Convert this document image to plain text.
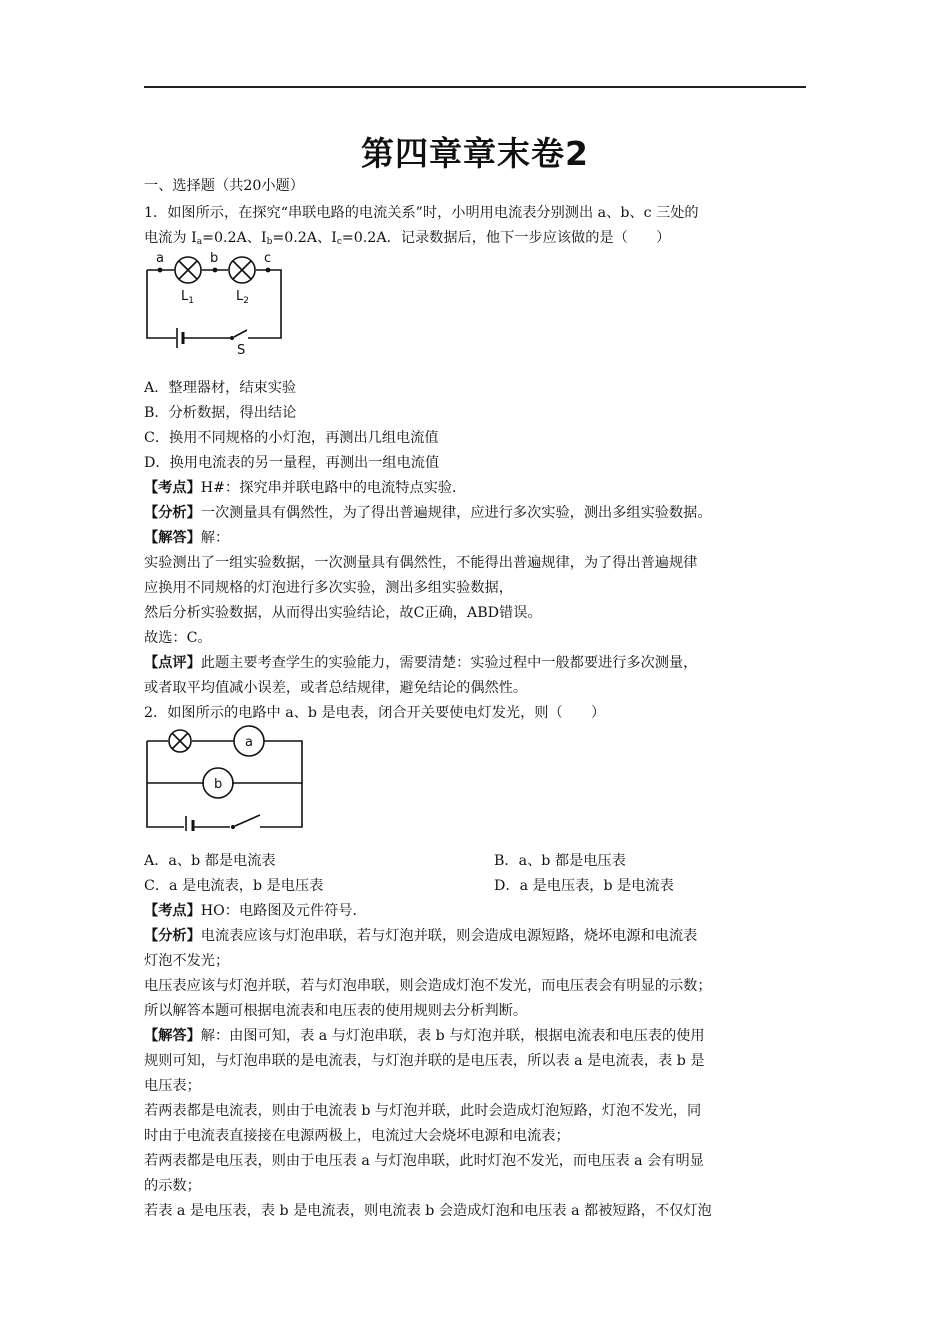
第四章章末卷2
一、选择题（共20小题）
1．如图所示，在探究“串联电路的电流关系”时，小明用电流表分别测出 a、b、c 三处的
电流为 $I_a=0.2A$、$I_b=0.2A$、$I_c=0.2A$．记录数据后，他下一步应该做的是（　　）
a	b	c
$L_1$	$L_2$
S
A．整理器材，结束实验
B．分析数据，得出结论
C．换用不同规格的小灯泡，再测出几组电流值
D．换用电流表的另一量程，再测出一组电流值
【考点】H#：探究串并联电路中的电流特点实验．
【分析】一次测量具有偶然性，为了得出普遍规律，应进行多次实验，测出多组实验数据。
【解答】解：
实验测出了一组实验数据，一次测量具有偶然性，不能得出普遍规律，为了得出普遍规律
应换用不同规格的灯泡进行多次实验，测出多组实验数据，
然后分析实验数据，从而得出实验结论，故C正确，ABD错误。
故选：C。
【点评】此题主要考查学生的实验能力，需要清楚：实验过程中一般都要进行多次测量，
或者取平均值减小误差，或者总结规律，避免结论的偶然性。
2．如图所示的电路中 a、b 是电表，闭合开关要使电灯发光，则（　　）
a
b
A．a、b 都是电流表	B．a、b 都是电压表
C．a 是电流表，b 是电压表	D．a 是电压表，b 是电流表
【考点】HO：电路图及元件符号．
【分析】电流表应该与灯泡串联，若与灯泡并联，则会造成电源短路，烧坏电源和电流表
灯泡不发光；
电压表应该与灯泡并联，若与灯泡串联，则会造成灯泡不发光，而电压表会有明显的示数；
所以解答本题可根据电流表和电压表的使用规则去分析判断。
【解答】解：由图可知，表 a 与灯泡串联，表 b 与灯泡并联，根据电流表和电压表的使用
规则可知，与灯泡串联的是电流表，与灯泡并联的是电压表，所以表 a 是电流表，表 b 是
电压表；
若两表都是电流表，则由于电流表 b 与灯泡并联，此时会造成灯泡短路，灯泡不发光，同
时由于电流表直接接在电源两极上，电流过大会烧坏电源和电流表；
若两表都是电压表，则由于电压表 a 与灯泡串联，此时灯泡不发光，而电压表 a 会有明显
的示数；
若表 a 是电压表，表 b 是电流表，则电流表 b 会造成灯泡和电压表 a 都被短路，不仅灯泡
